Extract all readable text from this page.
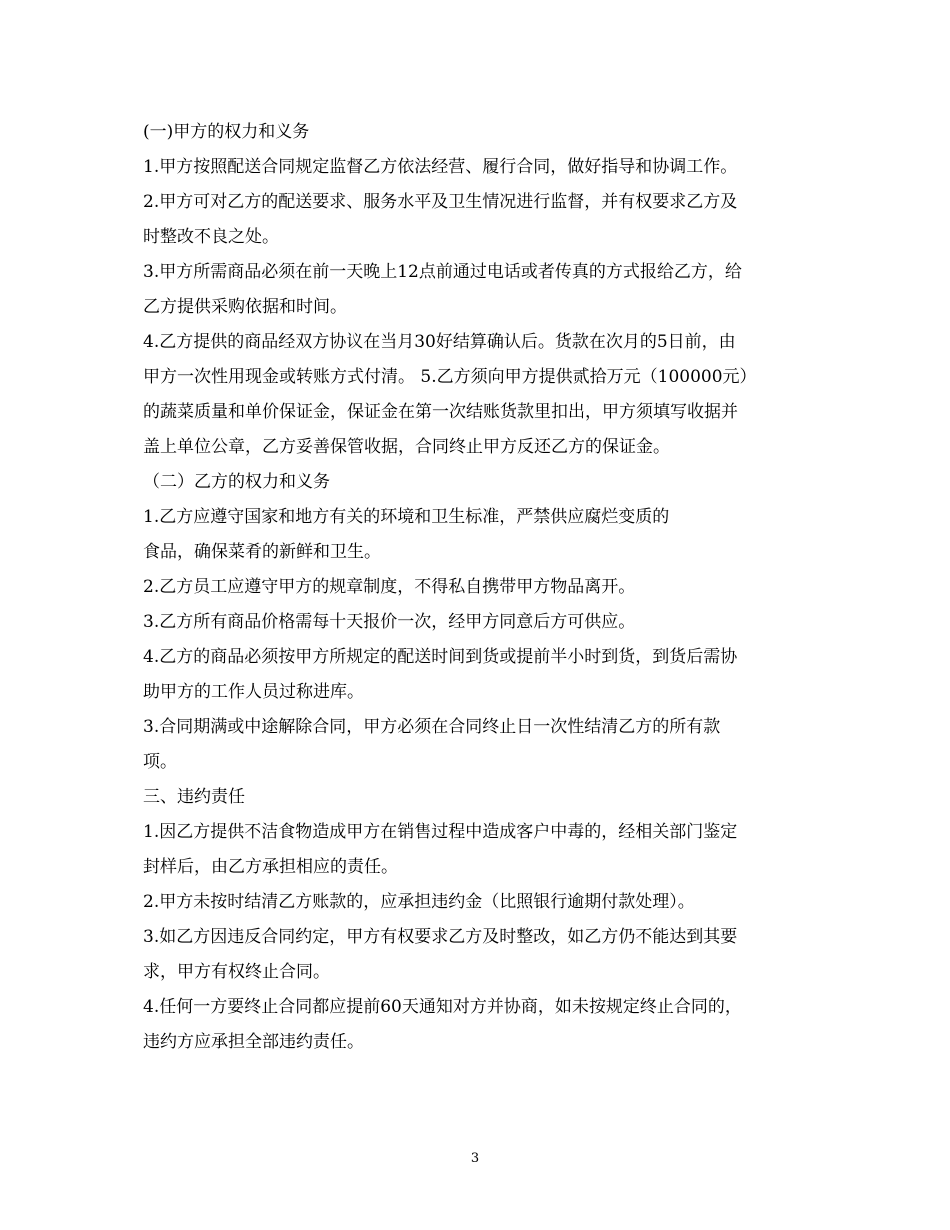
(一)甲方的权力和义务
1.甲方按照配送合同规定监督乙方依法经营、履行合同，做好指导和协调工作。
2.甲方可对乙方的配送要求、服务水平及卫生情况进行监督，并有权要求乙方及
时整改不良之处。
3.甲方所需商品必须在前一天晚上12点前通过电话或者传真的方式报给乙方，给
乙方提供采购依据和时间。
4.乙方提供的商品经双方协议在当月30好结算确认后。货款在次月的5日前，由
甲方一次性用现金或转账方式付清。 5.乙方须向甲方提供贰拾万元（100000元）
的蔬菜质量和单价保证金，保证金在第一次结账货款里扣出，甲方须填写收据并
盖上单位公章，乙方妥善保管收据，合同终止甲方反还乙方的保证金。
（二）乙方的权力和义务
1.乙方应遵守国家和地方有关的环境和卫生标准，严禁供应腐烂变质的
食品，确保菜肴的新鲜和卫生。
2.乙方员工应遵守甲方的规章制度，不得私自携带甲方物品离开。
3.乙方所有商品价格需每十天报价一次，经甲方同意后方可供应。
4.乙方的商品必须按甲方所规定的配送时间到货或提前半小时到货，到货后需协
助甲方的工作人员过称进库。
3.合同期满或中途解除合同，甲方必须在合同终止日一次性结清乙方的所有款
项。
三、违约责任
1.因乙方提供不洁食物造成甲方在销售过程中造成客户中毒的，经相关部门鉴定
封样后，由乙方承担相应的责任。
2.甲方未按时结清乙方账款的，应承担违约金（比照银行逾期付款处理）。
3.如乙方因违反合同约定，甲方有权要求乙方及时整改，如乙方仍不能达到其要
求，甲方有权终止合同。
4.任何一方要终止合同都应提前60天通知对方并协商，如未按规定终止合同的，
违约方应承担全部违约责任。
3
